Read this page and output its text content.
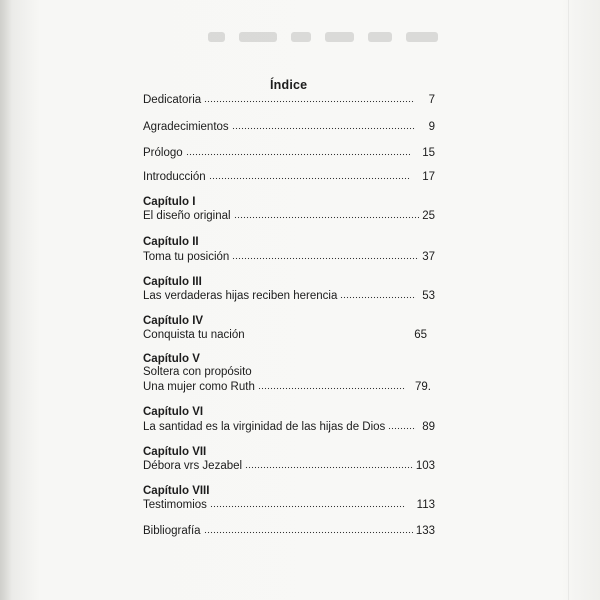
Índice
Dedicatoria	7
Agradecimientos	9
Prólogo	15
Introducción	17
Capítulo I
El diseño original	25
Capítulo II
Toma tu posición	37
Capítulo III
Las verdaderas hijas reciben herencia	53
Capítulo IV
Conquista tu nación	65
Capítulo V
Soltera con propósito
Una mujer como Ruth	79.
Capítulo VI
La santidad es la virginidad de las hijas de Dios	89
Capítulo VII
Débora vrs Jezabel	103
Capítulo VIII
Testimomios	113
Bibliografía	133
